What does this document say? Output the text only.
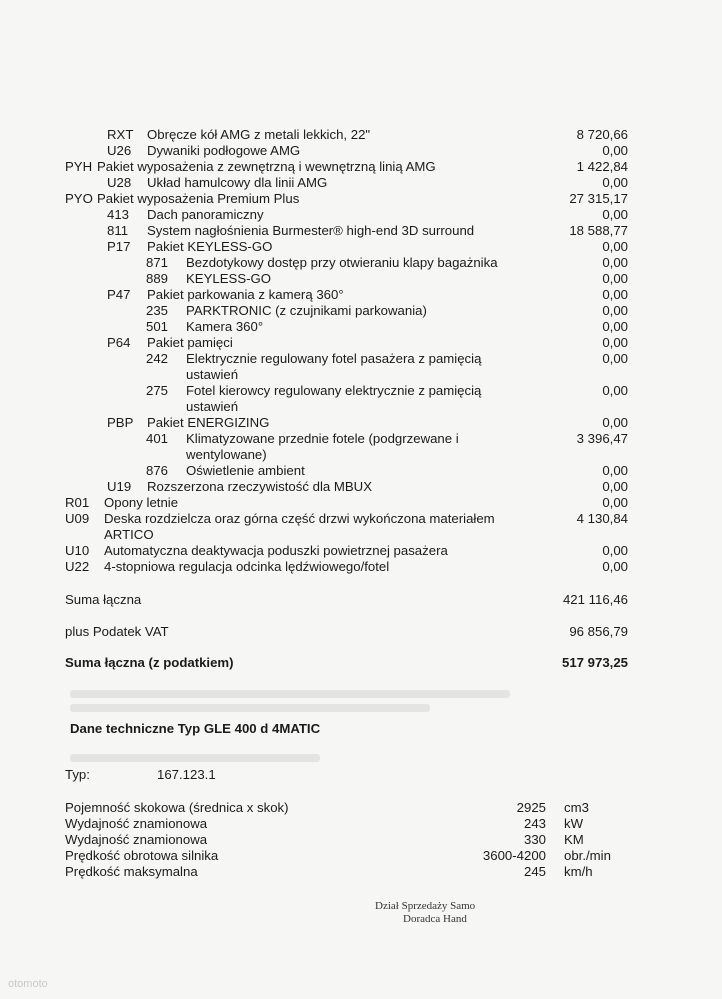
RXT Obręcze kół AMG z metali lekkich, 22"	8 720,66
U26 Dywaniki podłogowe AMG	0,00
PYH Pakiet wyposażenia z zewnętrzną i wewnętrzną linią AMG	1 422,84
U28 Układ hamulcowy dla linii AMG	0,00
PYO Pakiet wyposażenia Premium Plus	27 315,17
413 Dach panoramiczny	0,00
811 System nagłośnienia Burmester® high-end 3D surround	18 588,77
P17 Pakiet KEYLESS-GO	0,00
871 Bezdotykowy dostęp przy otwieraniu klapy bagażnika	0,00
889 KEYLESS-GO	0,00
P47 Pakiet parkowania z kamerą 360°	0,00
235 PARKTRONIC (z czujnikami parkowania)	0,00
501 Kamera 360°	0,00
P64 Pakiet pamięci	0,00
242 Elektrycznie regulowany fotel pasażera z pamięcią	0,00
ustawień
275 Fotel kierowcy regulowany elektrycznie z pamięcią	0,00
ustawień
PBP Pakiet ENERGIZING	0,00
401 Klimatyzowane przednie fotele (podgrzewane i	3 396,47
wentylowane)
876 Oświetlenie ambient	0,00
U19 Rozszerzona rzeczywistość dla MBUX	0,00
R01 Opony letnie	0,00
U09 Deska rozdzielcza oraz górna część drzwi wykończona materiałem	4 130,84
ARTICO
U10 Automatyczna deaktywacja poduszki powietrznej pasażera	0,00
U22 4-stopniowa regulacja odcinka lędźwiowego/fotel	0,00
Suma łączna	421 116,46
plus Podatek VAT	96 856,79
Suma łączna (z podatkiem)	517 973,25
Dane techniczne Typ GLE 400 d 4MATIC
Typ:	167.123.1
Pojemność skokowa (średnica x skok)	2925 cm3
Wydajność znamionowa	243 kW
Wydajność znamionowa	330 KM
Prędkość obrotowa silnika	3600-4200 obr./min
Prędkość maksymalna	245 km/h
Dział Sprzedaży Samo
Doradca Hand
otomoto
